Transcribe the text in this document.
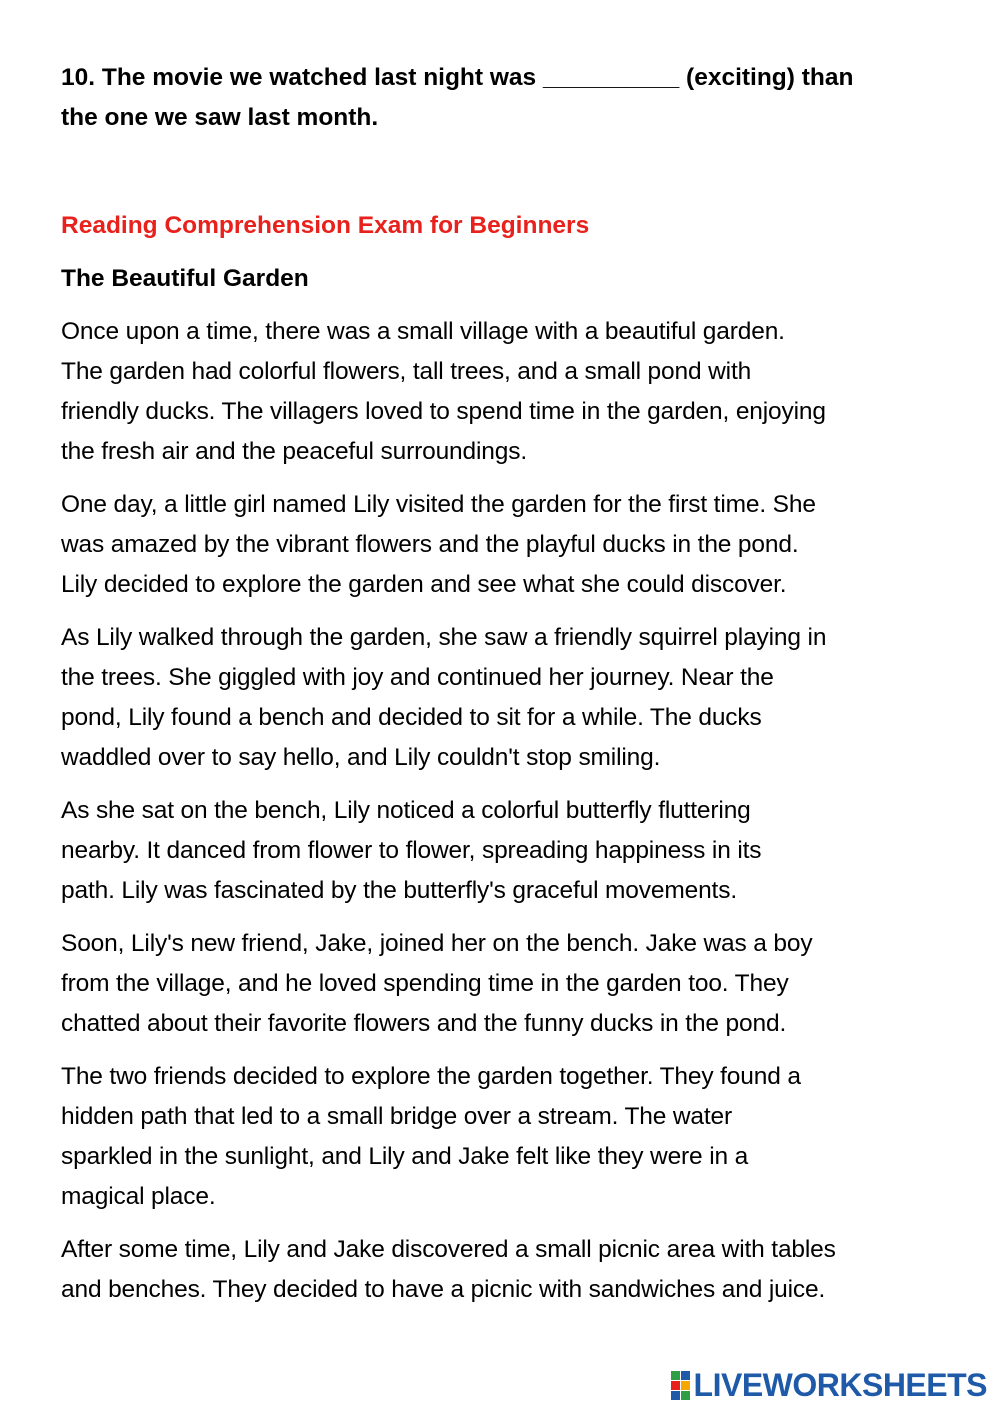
10. The movie we watched last night was __________ (exciting) than
the one we saw last month.

Reading Comprehension Exam for Beginners
The Beautiful Garden

Once upon a time, there was a small village with a beautiful garden.
The garden had colorful flowers, tall trees, and a small pond with
friendly ducks. The villagers loved to spend time in the garden, enjoying
the fresh air and the peaceful surroundings.

One day, a little girl named Lily visited the garden for the first time. She
was amazed by the vibrant flowers and the playful ducks in the pond.
Lily decided to explore the garden and see what she could discover.

As Lily walked through the garden, she saw a friendly squirrel playing in
the trees. She giggled with joy and continued her journey. Near the
pond, Lily found a bench and decided to sit for a while. The ducks
waddled over to say hello, and Lily couldn't stop smiling.

As she sat on the bench, Lily noticed a colorful butterfly fluttering
nearby. It danced from flower to flower, spreading happiness in its
path. Lily was fascinated by the butterfly's graceful movements.

Soon, Lily's new friend, Jake, joined her on the bench. Jake was a boy
from the village, and he loved spending time in the garden too. They
chatted about their favorite flowers and the funny ducks in the pond.

The two friends decided to explore the garden together. They found a
hidden path that led to a small bridge over a stream. The water
sparkled in the sunlight, and Lily and Jake felt like they were in a
magical place.

After some time, Lily and Jake discovered a small picnic area with tables
and benches. They decided to have a picnic with sandwiches and juice.

LIVEWORKSHEETS
